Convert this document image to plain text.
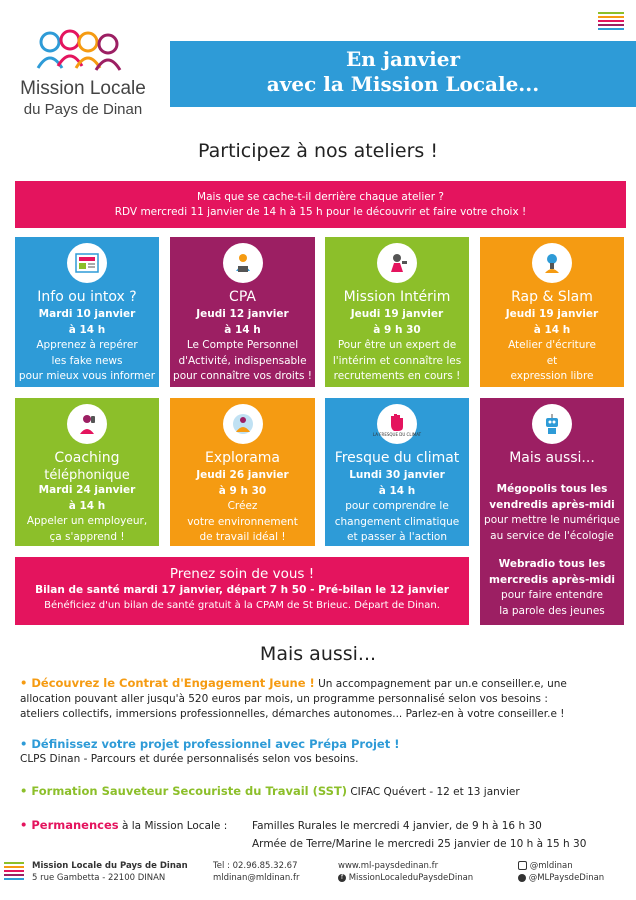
Mission Locale
du Pays de Dinan
En janvier
avec la Mission Locale...
Participez à nos ateliers !
Mais que se cache-t-il derrière chaque atelier ?
RDV mercredi 11 janvier de 14 h à 15 h pour le découvrir et faire votre choix !
Info ou intox ?
Mardi 10 janvier
à 14 h
Apprenez à repérer
les fake news
pour mieux vous informer !
CPA
Jeudi 12 janvier
à 14 h
Le Compte Personnel
d'Activité, indispensable
pour connaître vos droits !
Mission Intérim
Jeudi 19 janvier
à 9 h 30
Pour être un expert de
l'intérim et connaître les
recrutements en cours !
Rap & Slam
Jeudi 19 janvier
à 14 h
Atelier d'écriture
et
expression libre
Coaching
téléphonique
Mardi 24 janvier
à 14 h
Appeler un employeur,
ça s'apprend !
Explorama
Jeudi 26 janvier
à 9 h 30
Créez
votre environnement
de travail idéal !
LA FRESQUE DU CLIMAT
Fresque du climat
Lundi 30 janvier
à 14 h
pour comprendre le
changement climatique
et passer à l'action
Mais aussi...
Mégopolis tous les
vendredis après-midi
pour mettre le numérique
au service de l'écologie
Webradio tous les
mercredis après-midi
pour faire entendre
la parole des jeunes
Prenez soin de vous !
Bilan de santé mardi 17 janvier, départ 7 h 50 - Pré-bilan le 12 janvier
Bénéficiez d'un bilan de santé gratuit à la CPAM de St Brieuc. Départ de Dinan.
Mais aussi...
• Découvrez le Contrat d'Engagement Jeune ! Un accompagnement par un.e conseiller.e, une
allocation pouvant aller jusqu'à 520 euros par mois, un programme personnalisé selon vos besoins :
ateliers collectifs, immersions professionnelles, démarches autonomes... Parlez-en à votre conseiller.e !
• Définissez votre projet professionnel avec Prépa Projet !
CLPS Dinan - Parcours et durée personnalisés selon vos besoins.
• Formation Sauveteur Secouriste du Travail (SST) CIFAC Quévert - 12 et 13 janvier
• Permanences à la Mission Locale :	Familles Rurales le mercredi 4 janvier, de 9 h à 16 h 30
Armée de Terre/Marine le mercredi 25 janvier de 10 h à 15 h 30
Mission Locale du Pays de Dinan
5 rue Gambetta - 22100 DINAN
Tel : 02.96.85.32.67
mldinan@mldinan.fr
www.ml-paysdedinan.fr
f MissionLocaleduPaysdeDinan
@mldinan
@MLPaysdeDinan
